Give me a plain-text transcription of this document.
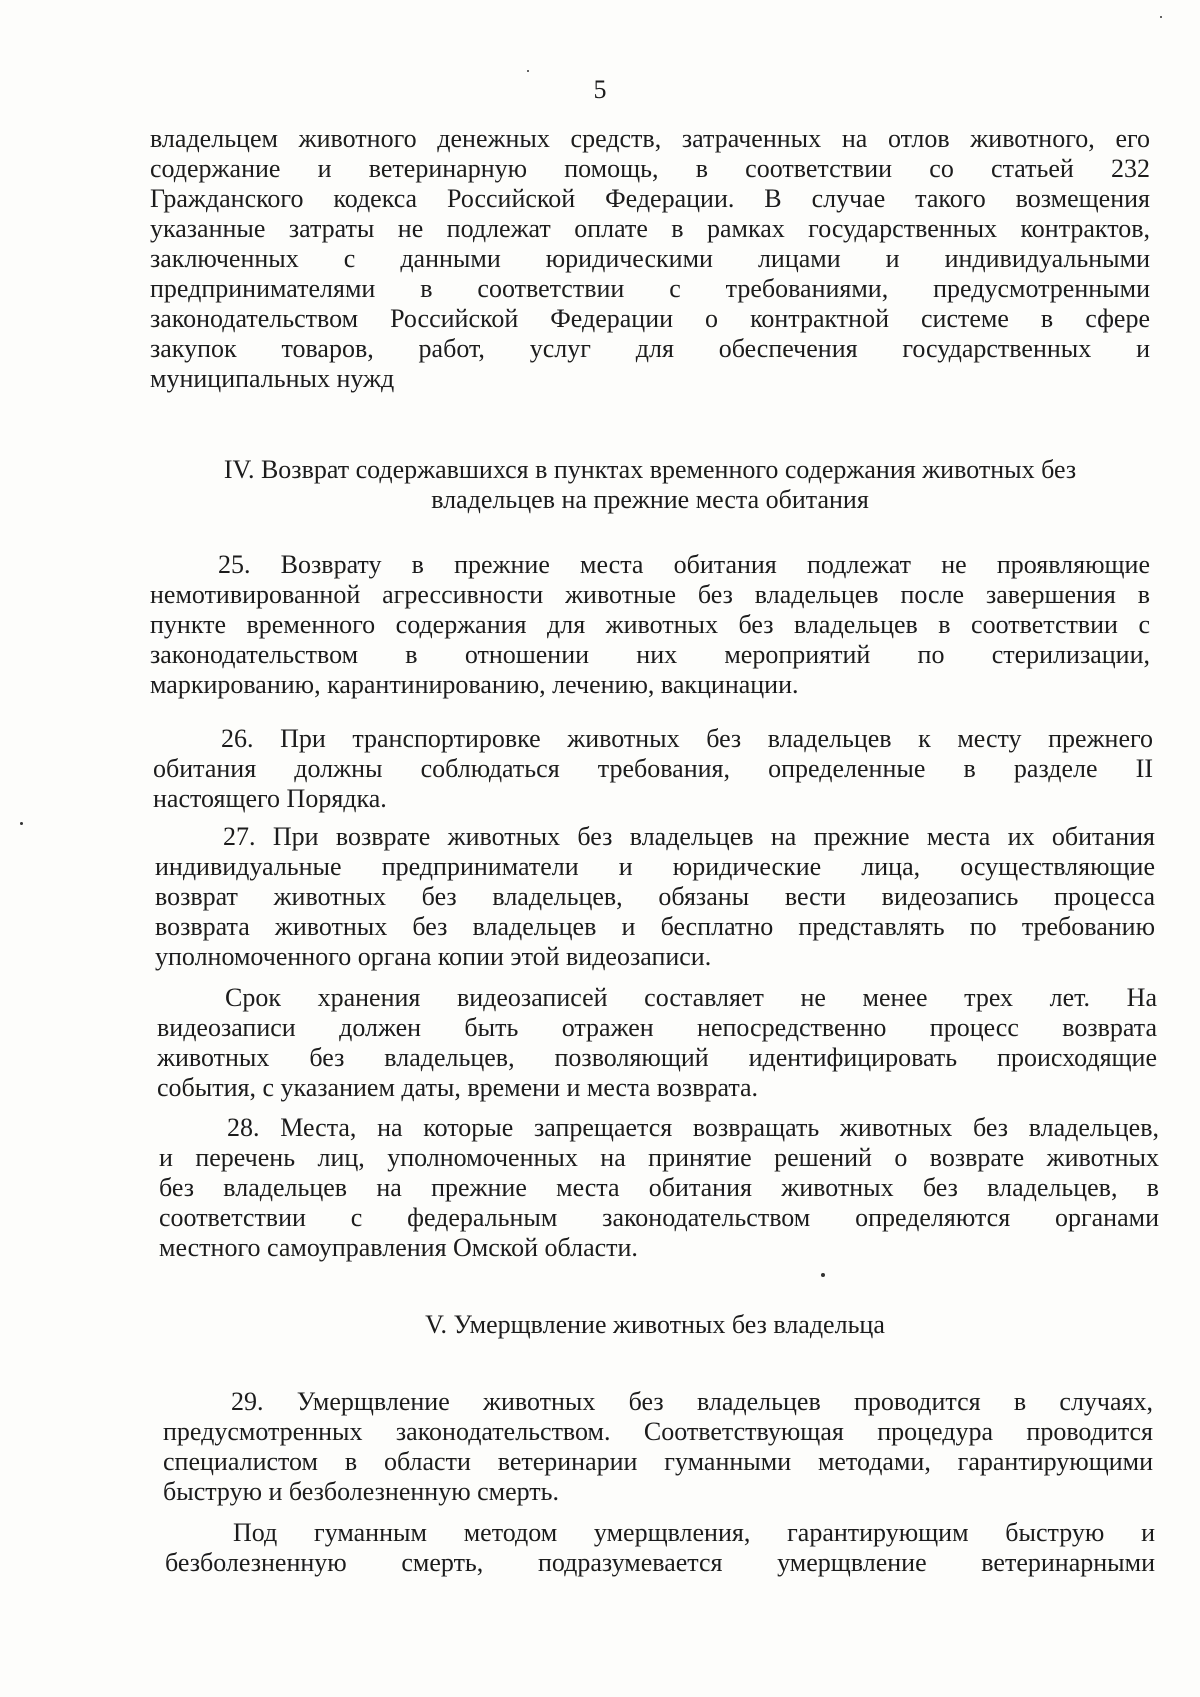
5
владельцем животного денежных средств, затраченных на отлов животного, его
содержание и ветеринарную помощь, в соответствии со статьей 232
Гражданского кодекса Российской Федерации. В случае такого возмещения
указанные затраты не подлежат оплате в рамках государственных контрактов,
заключенных с данными юридическими лицами и индивидуальными
предпринимателями в соответствии с требованиями, предусмотренными
законодательством Российской Федерации о контрактной системе в сфере
закупок товаров, работ, услуг для обеспечения государственных и
муниципальных нужд
IV. Возврат содержавшихся в пунктах временного содержания животных без
владельцев на прежние места обитания
25. Возврату в прежние места обитания подлежат не проявляющие
немотивированной агрессивности животные без владельцев после завершения в
пункте временного содержания для животных без владельцев в соответствии с
законодательством в отношении них мероприятий по стерилизации,
маркированию, карантинированию, лечению, вакцинации.
26. При транспортировке животных без владельцев к месту прежнего
обитания должны соблюдаться требования, определенные в разделе II
настоящего Порядка.
27. При возврате животных без владельцев на прежние места их обитания
индивидуальные предприниматели и юридические лица, осуществляющие
возврат животных без владельцев, обязаны вести видеозапись процесса
возврата животных без владельцев и бесплатно представлять по требованию
уполномоченного органа копии этой видеозаписи.
Срок хранения видеозаписей составляет не менее трех лет. На
видеозаписи должен быть отражен непосредственно процесс возврата
животных без владельцев, позволяющий идентифицировать происходящие
события, с указанием даты, времени и места возврата.
28. Места, на которые запрещается возвращать животных без владельцев,
и перечень лиц, уполномоченных на принятие решений о возврате животных
без владельцев на прежние места обитания животных без владельцев, в
соответствии с федеральным законодательством определяются органами
местного самоуправления Омской области.
V. Умерщвление животных без владельца
29. Умерщвление животных без владельцев проводится в случаях,
предусмотренных законодательством. Соответствующая процедура проводится
специалистом в области ветеринарии гуманными методами, гарантирующими
быструю и безболезненную смерть.
Под гуманным методом умерщвления, гарантирующим быструю и
безболезненную смерть, подразумевается умерщвление ветеринарными
